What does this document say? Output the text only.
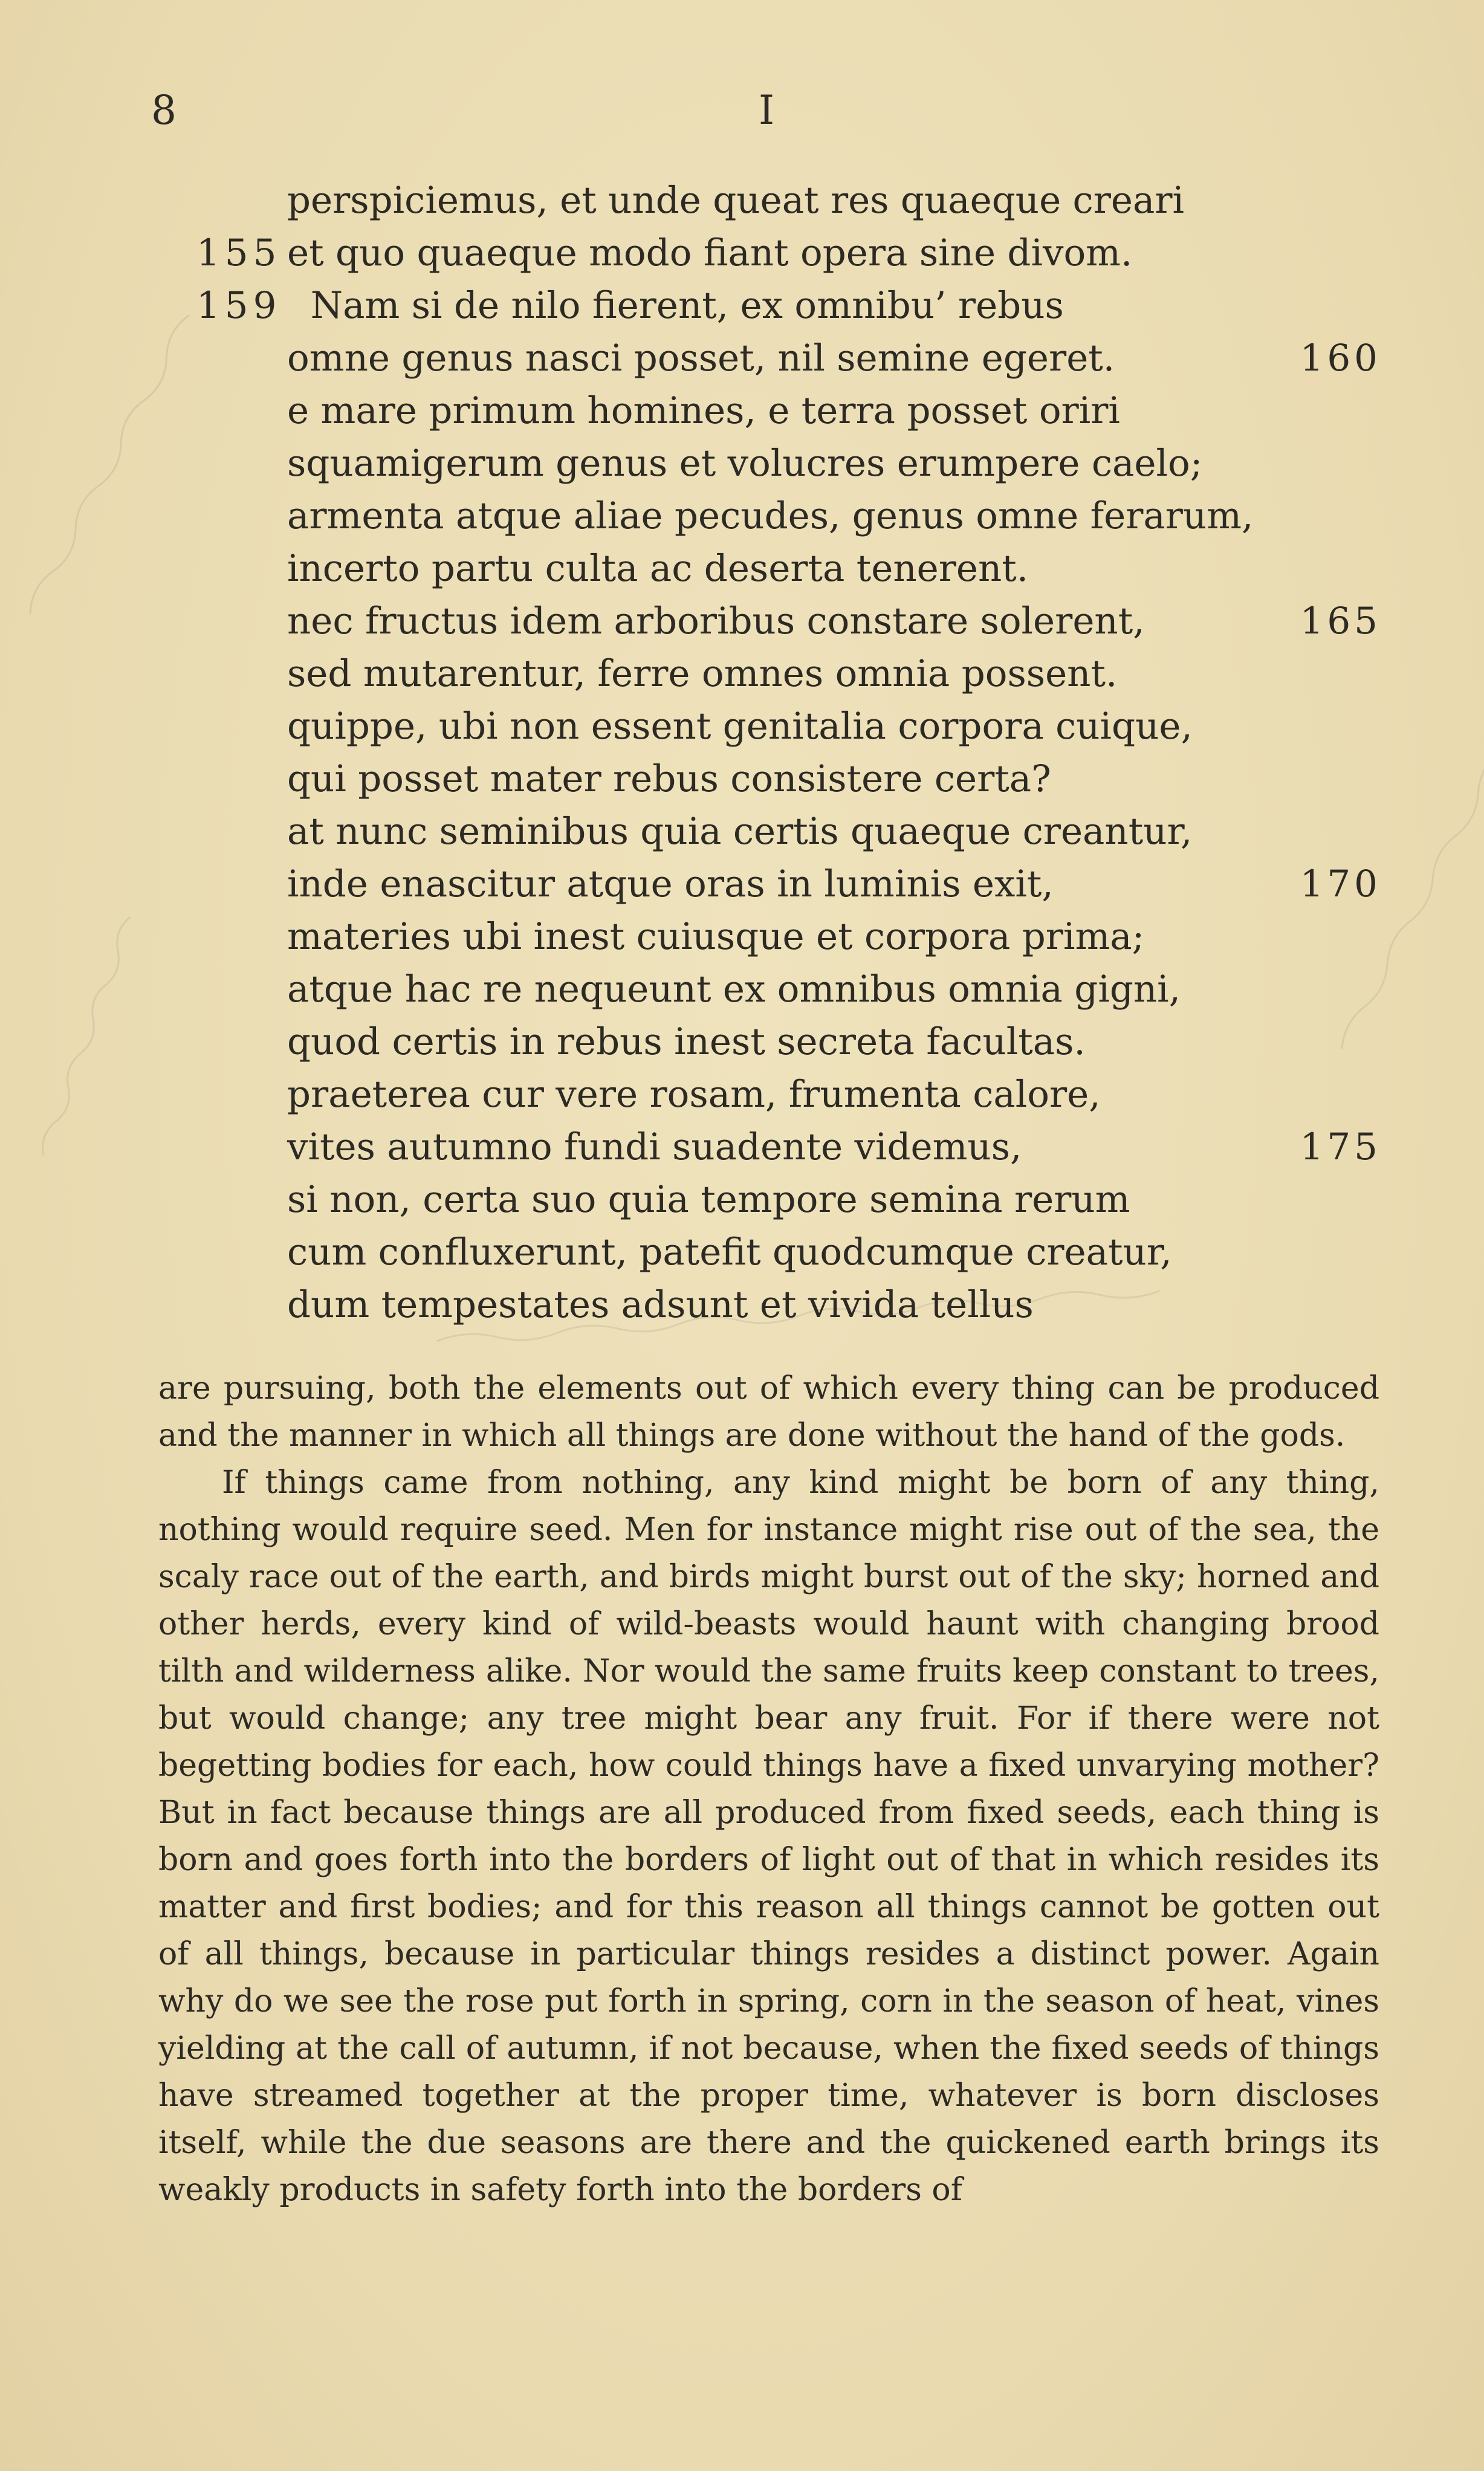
8	I
perspiciemus, et unde queat res quaeque creari
155 et quo quaeque modo fiant opera sine divom.
159 Nam si de nilo fierent, ex omnibu’ rebus
omne genus nasci posset, nil semine egeret.	160
e mare primum homines, e terra posset oriri
squamigerum genus et volucres erumpere caelo;
armenta atque aliae pecudes, genus omne ferarum,
incerto partu culta ac deserta tenerent.
nec fructus idem arboribus constare solerent,	165
sed mutarentur, ferre omnes omnia possent.
quippe, ubi non essent genitalia corpora cuique,
qui posset mater rebus consistere certa?
at nunc seminibus quia certis quaeque creantur,
inde enascitur atque oras in luminis exit,	170
materies ubi inest cuiusque et corpora prima;
atque hac re nequeunt ex omnibus omnia gigni,
quod certis in rebus inest secreta facultas.
praeterea cur vere rosam, frumenta calore,
vites autumno fundi suadente videmus,	175
si non, certa suo quia tempore semina rerum
cum confluxerunt, patefit quodcumque creatur,
dum tempestates adsunt et vivida tellus

are pursuing, both the elements out of which every thing can be produced and the manner in which all things are done without the hand of the gods.

If things came from nothing, any kind might be born of any thing, nothing would require seed. Men for instance might rise out of the sea, the scaly race out of the earth, and birds might burst out of the sky; horned and other herds, every kind of wild-beasts would haunt with changing brood tilth and wilderness alike. Nor would the same fruits keep constant to trees, but would change; any tree might bear any fruit. For if there were not begetting bodies for each, how could things have a fixed unvarying mother? But in fact because things are all produced from fixed seeds, each thing is born and goes forth into the borders of light out of that in which resides its matter and first bodies; and for this reason all things cannot be gotten out of all things, because in particular things resides a distinct power. Again why do we see the rose put forth in spring, corn in the season of heat, vines yielding at the call of autumn, if not because, when the fixed seeds of things have streamed together at the proper time, whatever is born discloses itself, while the due seasons are there and the quickened earth brings its weakly products in safety forth into the borders of
